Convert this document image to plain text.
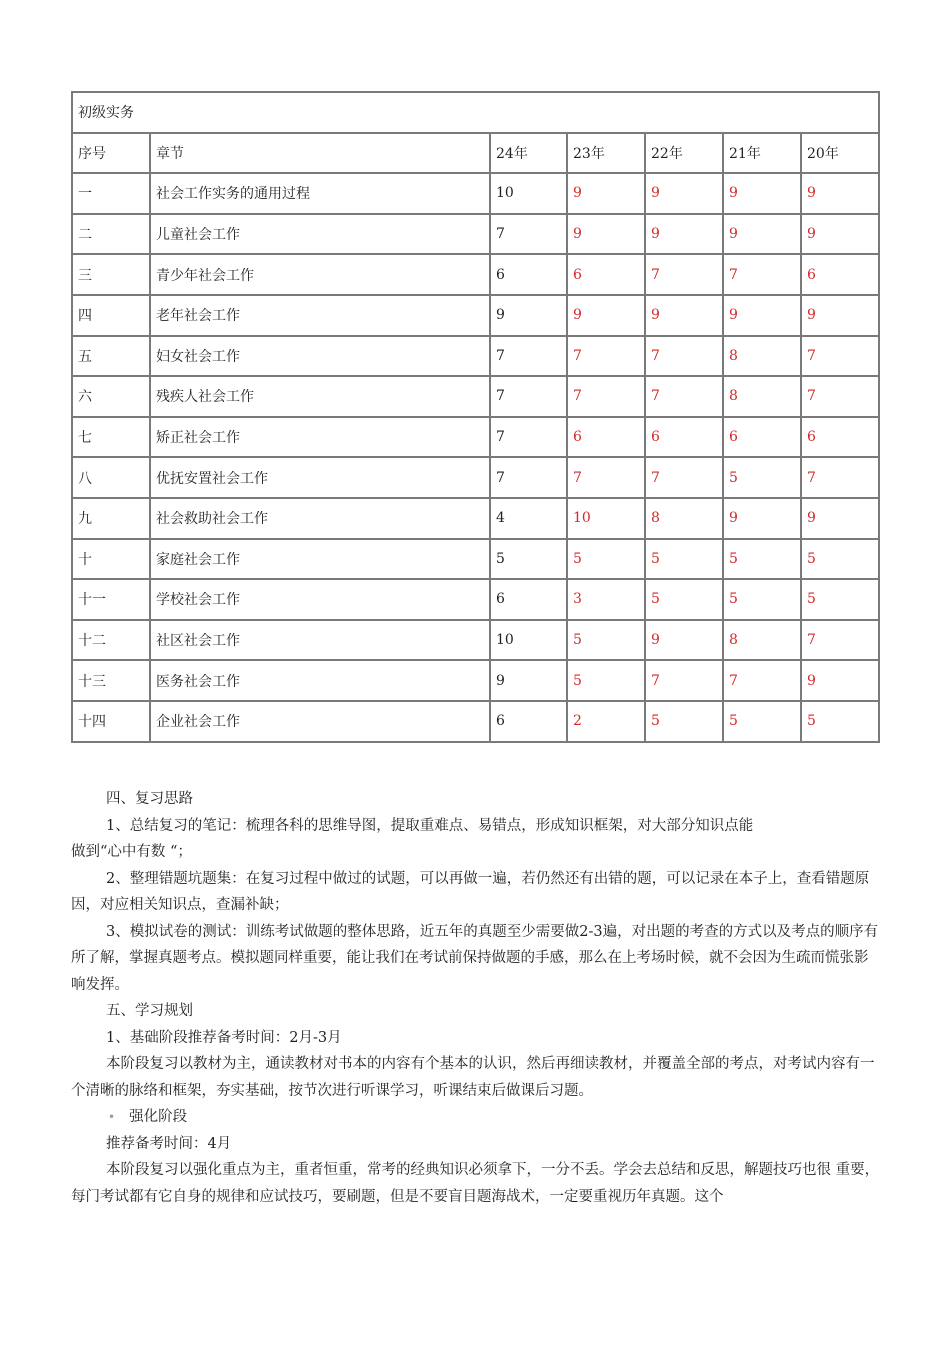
初级实务						
序号	章节	24年	23年	22年	21年	20年
一	社会工作实务的通用过程	10	9	9	9	9
二	儿童社会工作	7	9	9	9	9
三	青少年社会工作	6	6	7	7	6
四	老年社会工作	9	9	9	9	9
五	妇女社会工作	7	7	7	8	7
六	残疾人社会工作	7	7	7	8	7
七	矫正社会工作	7	6	6	6	6
八	优抚安置社会工作	7	7	7	5	7
九	社会救助社会工作	4	10	8	9	9
十	家庭社会工作	5	5	5	5	5
十一	学校社会工作	6	3	5	5	5
十二	社区社会工作	10	5	9	8	7
十三	医务社会工作	9	5	7	7	9
十四	企业社会工作	6	2	5	5	5

四、复习思路

1、总结复习的笔记：梳理各科的思维导图，提取重难点、易错点，形成知识框架，对大部分知识点能

做到“心中有数 “；

2、整理错题坑题集：在复习过程中做过的试题，可以再做一遍，若仍然还有出错的题，可以记录在本子上，查看错题原因，对应相关知识点，查漏补缺；

3、模拟试卷的测试：训练考试做题的整体思路，近五年的真题至少需要做2-3遍，对出题的考查的方式以及考点的顺序有所了解，掌握真题考点。模拟题同样重要，能让我们在考试前保持做题的手感，那么在上考场时候，就不会因为生疏而慌张影响发挥。

五、学习规划

1、基础阶段推荐备考时间：2月-3月

本阶段复习以教材为主，通读教材对书本的内容有个基本的认识，然后再细读教材，并覆盖全部的考点，对考试内容有一个清晰的脉络和框架，夯实基础，按节次进行听课学习，听课结束后做课后习题。

• 强化阶段

推荐备考时间：4月

本阶段复习以强化重点为主，重者恒重，常考的经典知识必须拿下，一分不丢。学会去总结和反思，解题技巧也很 重要，每门考试都有它自身的规律和应试技巧，要刷题，但是不要盲目题海战术，一定要重视历年真题。这个
